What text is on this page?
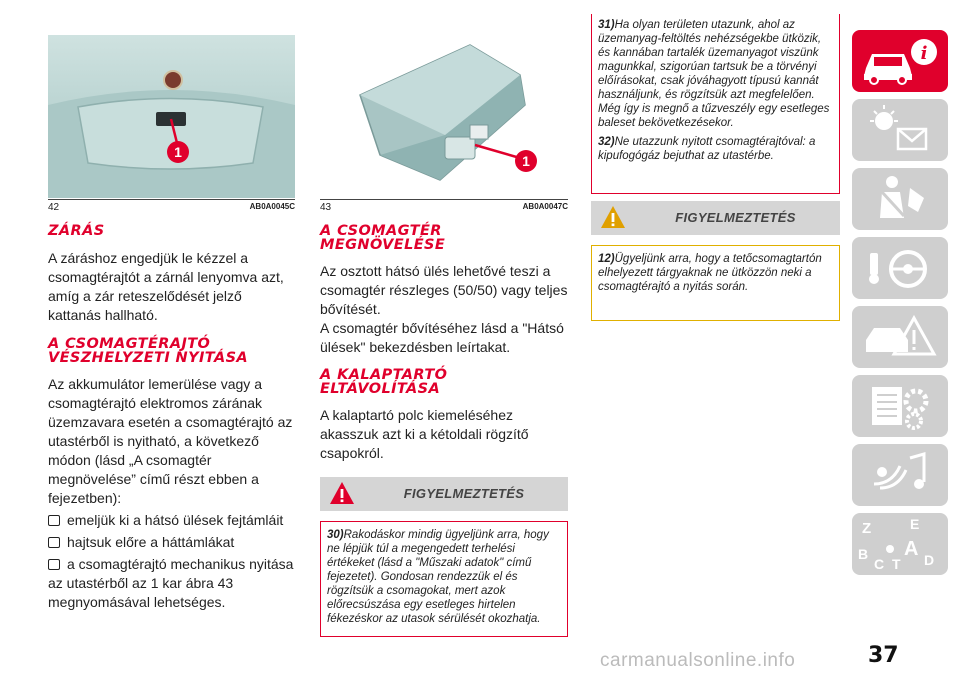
1
42	AB0A0045C
ZÁRÁS

A záráshoz engedjük le kézzel a csomagtérajtót a zárnál lenyomva azt, amíg a zár reteszelődését jelző kattanás hallható.

A CSOMAGTÉRAJTÓ
VÉSZHELYZETI NYITÁSA

Az akkumulátor lemerülése vagy a csomagtérajtó elektromos zárának üzemzavara esetén a csomagtérajtó az utastérből is nyitható, a következő módon (lásd „A csomagtér megnövelése” című részt ebben a fejezetben):

emeljük ki a hátsó ülések fejtámláit
hajtsuk előre a háttámlákat
a csomagtérajtó mechanikus nyitása

az utastérből az 1 kar ábra 43 megnyomásával lehetséges.

1
43	AB0A0047C
A CSOMAGTÉR
MEGNÖVELÉSE

Az osztott hátsó ülés lehetővé teszi a csomagtér részleges (50/50) vagy teljes bővítését.

A csomagtér bővítéséhez lásd a "Hátsó ülések" bekezdésben leírtakat.

A KALAPTARTÓ
ELTÁVOLÍTÁSA

A kalaptartó polc kiemeléséhez akasszuk azt ki a kétoldali rögzítő csapokról.

FIGYELMEZTETÉS
30)Rakodáskor mindig ügyeljünk arra, hogy ne lépjük túl a megengedett terhelési értékeket (lásd a "Műszaki adatok" című fejezetet). Gondosan rendezzük el és rögzítsük a csomagokat, mert azok előrecsúszása egy esetleges hirtelen fékezéskor az utasok sérülését okozhatja.

31)Ha olyan területen utazunk, ahol az üzemanyag-feltöltés nehézségekbe ütközik, és kannában tartalék üzemanyagot viszünk magunkkal, szigorúan tartsuk be a törvényi előírásokat, csak jóváhagyott típusú kannát használjunk, és rögzítsük azt megfelelően. Még így is megnő a tűzveszély egy esetleges baleset bekövetkezésekor.

32)Ne utazzunk nyitott csomagtérajtóval: a kipufogógáz bejuthat az utastérbe.

FIGYELMEZTETÉS
12)Ügyeljünk arra, hogy a tetőcsomagtartón elhelyezett tárgyaknak ne ütközzön neki a csomagtérajtó a nyitás során.
i
Z	E
B A
C T D
37
carmanualsonline.info
